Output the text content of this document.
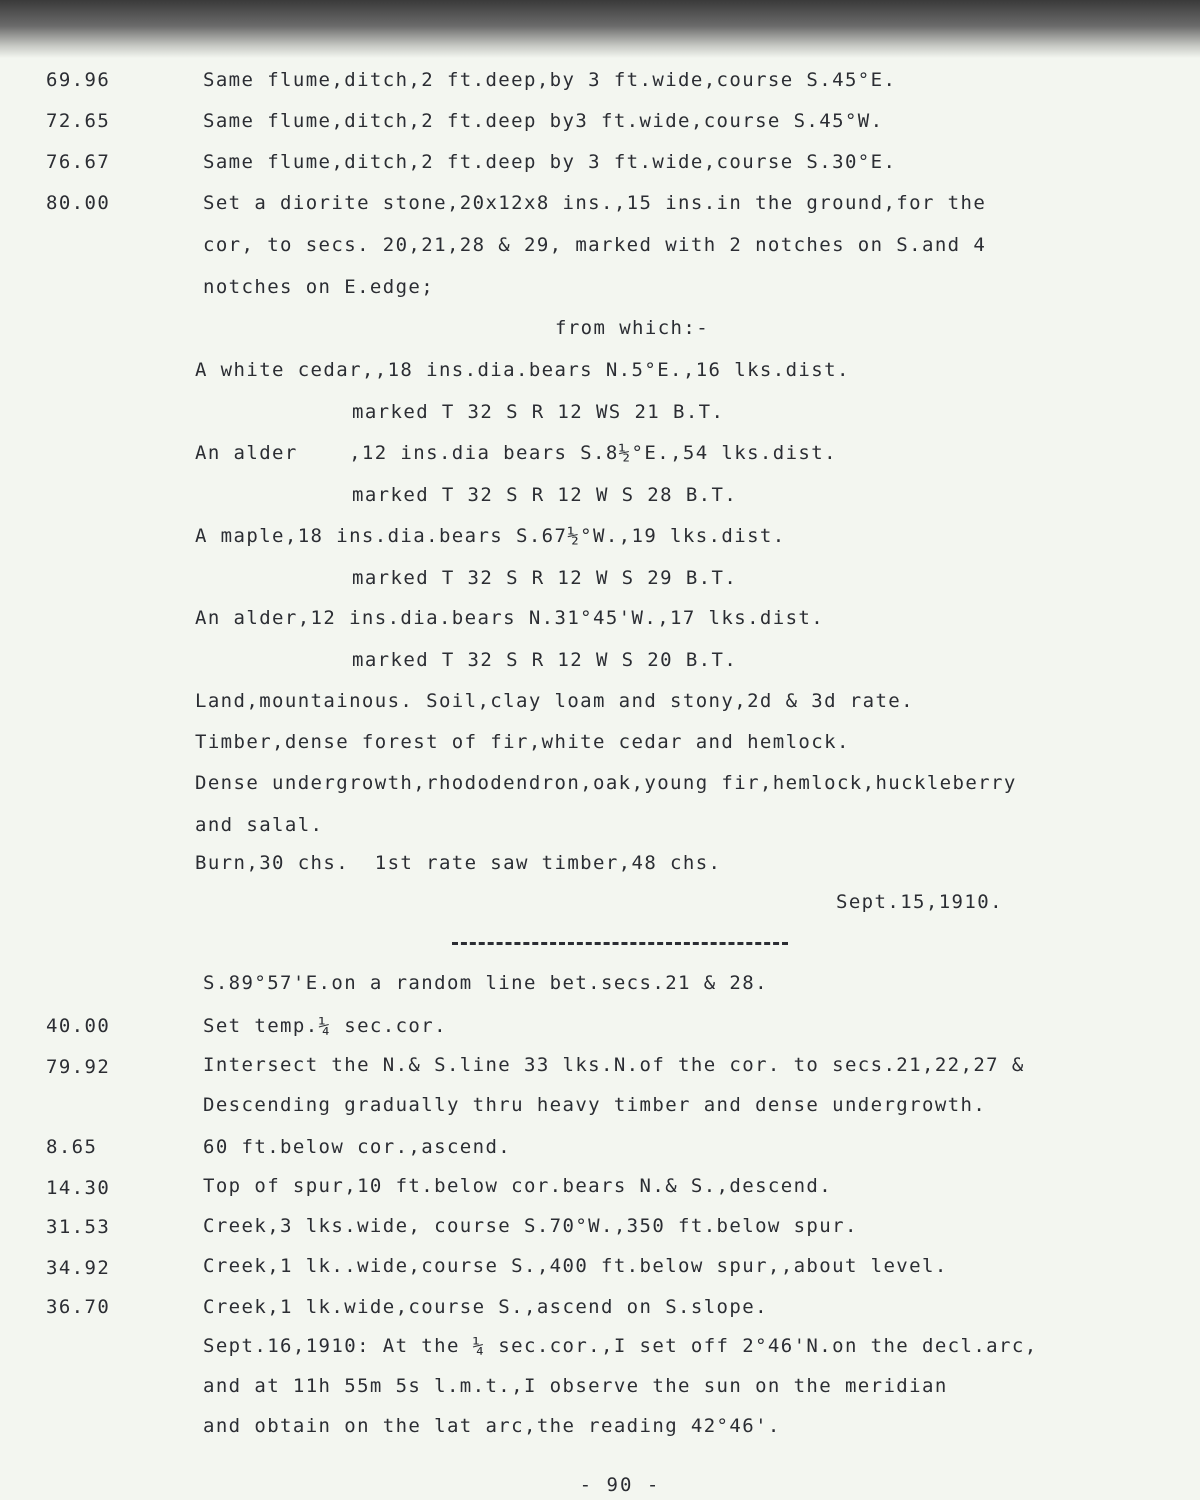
69.96	Same flume,ditch,2 ft.deep,by 3 ft.wide,course S.45°E.
72.65	Same flume,ditch,2 ft.deep by3 ft.wide,course S.45°W.
76.67	Same flume,ditch,2 ft.deep by 3 ft.wide,course S.30°E.
80.00	Set a diorite stone,20x12x8 ins.,15 ins.in the ground,for the
cor, to secs. 20,21,28 & 29, marked with 2 notches on S.and 4
notches on E.edge;
from which:-
A white cedar,,18 ins.dia.bears N.5°E.,16 lks.dist.
marked T 32 S R 12 WS 21 B.T.
An alder    ,12 ins.dia bears S.8½°E.,54 lks.dist.
marked T 32 S R 12 W S 28 B.T.
A maple,18 ins.dia.bears S.67½°W.,19 lks.dist.
marked T 32 S R 12 W S 29 B.T.
An alder,12 ins.dia.bears N.31°45'W.,17 lks.dist.
marked T 32 S R 12 W S 20 B.T.
Land,mountainous. Soil,clay loam and stony,2d & 3d rate.
Timber,dense forest of fir,white cedar and hemlock.
Dense undergrowth,rhododendron,oak,young fir,hemlock,huckleberry
and salal.
Burn,30 chs.  1st rate saw timber,48 chs.
Sept.15,1910.
S.89°57'E.on a random line bet.secs.21 & 28.
40.00	Set temp.¼ sec.cor.
79.92	Intersect the N.& S.line 33 lks.N.of the cor. to secs.21,22,27 &
Descending gradually thru heavy timber and dense undergrowth.
8.65	60 ft.below cor.,ascend.
14.30	Top of spur,10 ft.below cor.bears N.& S.,descend.
31.53	Creek,3 lks.wide, course S.70°W.,350 ft.below spur.
34.92	Creek,1 lk..wide,course S.,400 ft.below spur,,about level.
36.70	Creek,1 lk.wide,course S.,ascend on S.slope.
Sept.16,1910: At the ¼ sec.cor.,I set off 2°46'N.on the decl.arc,
and at 11h 55m 5s l.m.t.,I observe the sun on the meridian
and obtain on the lat arc,the reading 42°46'.
- 90 -
